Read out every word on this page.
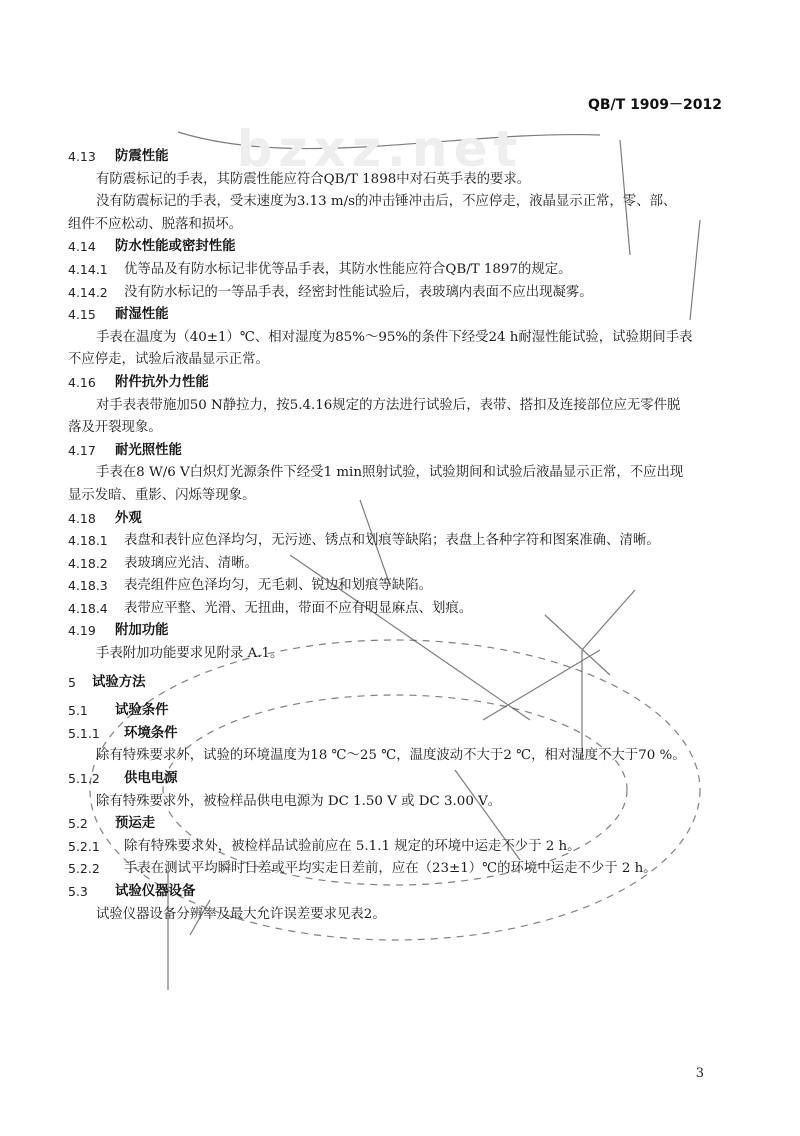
bzxz.net
QB/T 1909－2012
4.13	防震性能
有防震标记的手表，其防震性能应符合QB/T 1898中对石英手表的要求。
没有防震标记的手表，受末速度为3.13 m/s的冲击锤冲击后，不应停走，液晶显示正常，零、部、
组件不应松动、脱落和损坏。
4.14	防水性能或密封性能
4.14.1	优等品及有防水标记非优等品手表，其防水性能应符合QB/T 1897的规定。
4.14.2	没有防水标记的一等品手表，经密封性能试验后，表玻璃内表面不应出现凝雾。
4.15	耐湿性能
手表在温度为（40±1）℃、相对湿度为85%～95%的条件下经受24 h耐湿性能试验，试验期间手表
不应停走，试验后液晶显示正常。
4.16	附件抗外力性能
对手表表带施加50 N静拉力，按5.4.16规定的方法进行试验后，表带、搭扣及连接部位应无零件脱
落及开裂现象。
4.17	耐光照性能
手表在8 W/6 V白炽灯光源条件下经受1 min照射试验，试验期间和试验后液晶显示正常，不应出现
显示发暗、重影、闪烁等现象。
4.18	外观
4.18.1	表盘和表针应色泽均匀，无污迹、锈点和划痕等缺陷；表盘上各种字符和图案准确、清晰。
4.18.2	表玻璃应光洁、清晰。
4.18.3	表壳组件应色泽均匀，无毛刺、锐边和划痕等缺陷。
4.18.4	表带应平整、光滑、无扭曲，带面不应有明显麻点、划痕。
4.19	附加功能
手表附加功能要求见附录 A.1。
5	试验方法
5.1	试验条件
5.1.1	环境条件
除有特殊要求外，试验的环境温度为18 ℃～25 ℃，温度波动不大于2 ℃，相对湿度不大于70 %。
5.1.2	供电电源
除有特殊要求外，被检样品供电电源为 DC 1.50 V 或 DC 3.00 V。
5.2	预运走
5.2.1	除有特殊要求外，被检样品试验前应在 5.1.1 规定的环境中运走不少于 2 h。
5.2.2	手表在测试平均瞬时日差或平均实走日差前，应在（23±1）℃的环境中运走不少于 2 h。
5.3	试验仪器设备
试验仪器设备分辨率及最大允许误差要求见表2。
3
